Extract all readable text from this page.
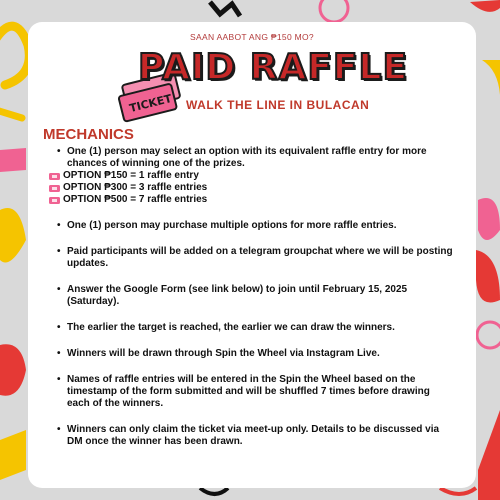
SAAN AABOT ANG ₱150 MO?
TICKET
PAID RAFFLE
WALK THE LINE IN BULACAN
MECHANICS
• One (1) person may select an option with its equivalent raffle entry for more chances of winning one of the prizes.
OPTION ₱150 = 1 raffle entry
OPTION ₱300 = 3 raffle entries
OPTION ₱500 = 7 raffle entries
• One (1) person may purchase multiple options for more raffle entries.
• Paid participants will be added on a telegram groupchat where we will be posting updates.
• Answer the Google Form (see link below) to join until February 15, 2025 (Saturday).
• The earlier the target is reached, the earlier we can draw the winners.
• Winners will be drawn through Spin the Wheel via Instagram Live.
• Names of raffle entries will be entered in the Spin the Wheel based on the timestamp of the form submitted and will be shuffled 7 times before drawing each of the winners.
• Winners can only claim the ticket via meet-up only. Details to be discussed via DM once the winner has been drawn.
